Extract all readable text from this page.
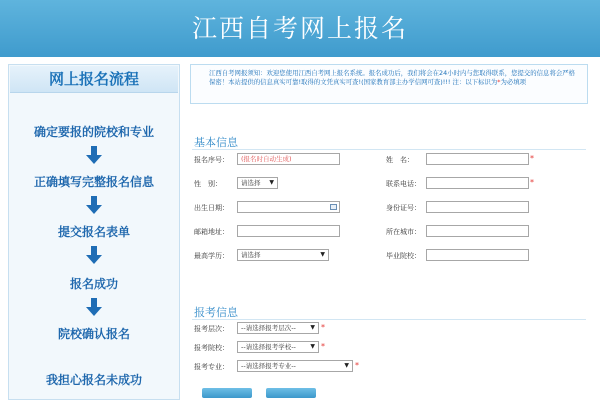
江西自考网上报名
网上报名流程
确定要报的院校和专业
正确填写完整报名信息
提交报名表单
报名成功
院校确认报名
我担心报名未成功
江西自考网报须知：欢迎您使用江西自考网上报名系统。报名成功后，我们将会在24小时内与您取得联系，您提交的信息将会严格保密！本站提供的信息真实可靠!取得的文凭真实可查!(国家教育部主办学信网可查)!!! 注：以下标识为*为必填项
基本信息
报名序号：	(报名时自动生成)	姓　名：	*
性　别：	请选择 ▼	联系电话：	*
出生日期：	身份证号：
邮箱地址：	所在城市：
最高学历：	请选择	▼	毕业院校：
报考信息
报考层次：	--请选择报考层次-- ▼ *
报考院校：	--请选择报考学校-- ▼ *
报考专业：	--请选择报考专业--	▼ *
